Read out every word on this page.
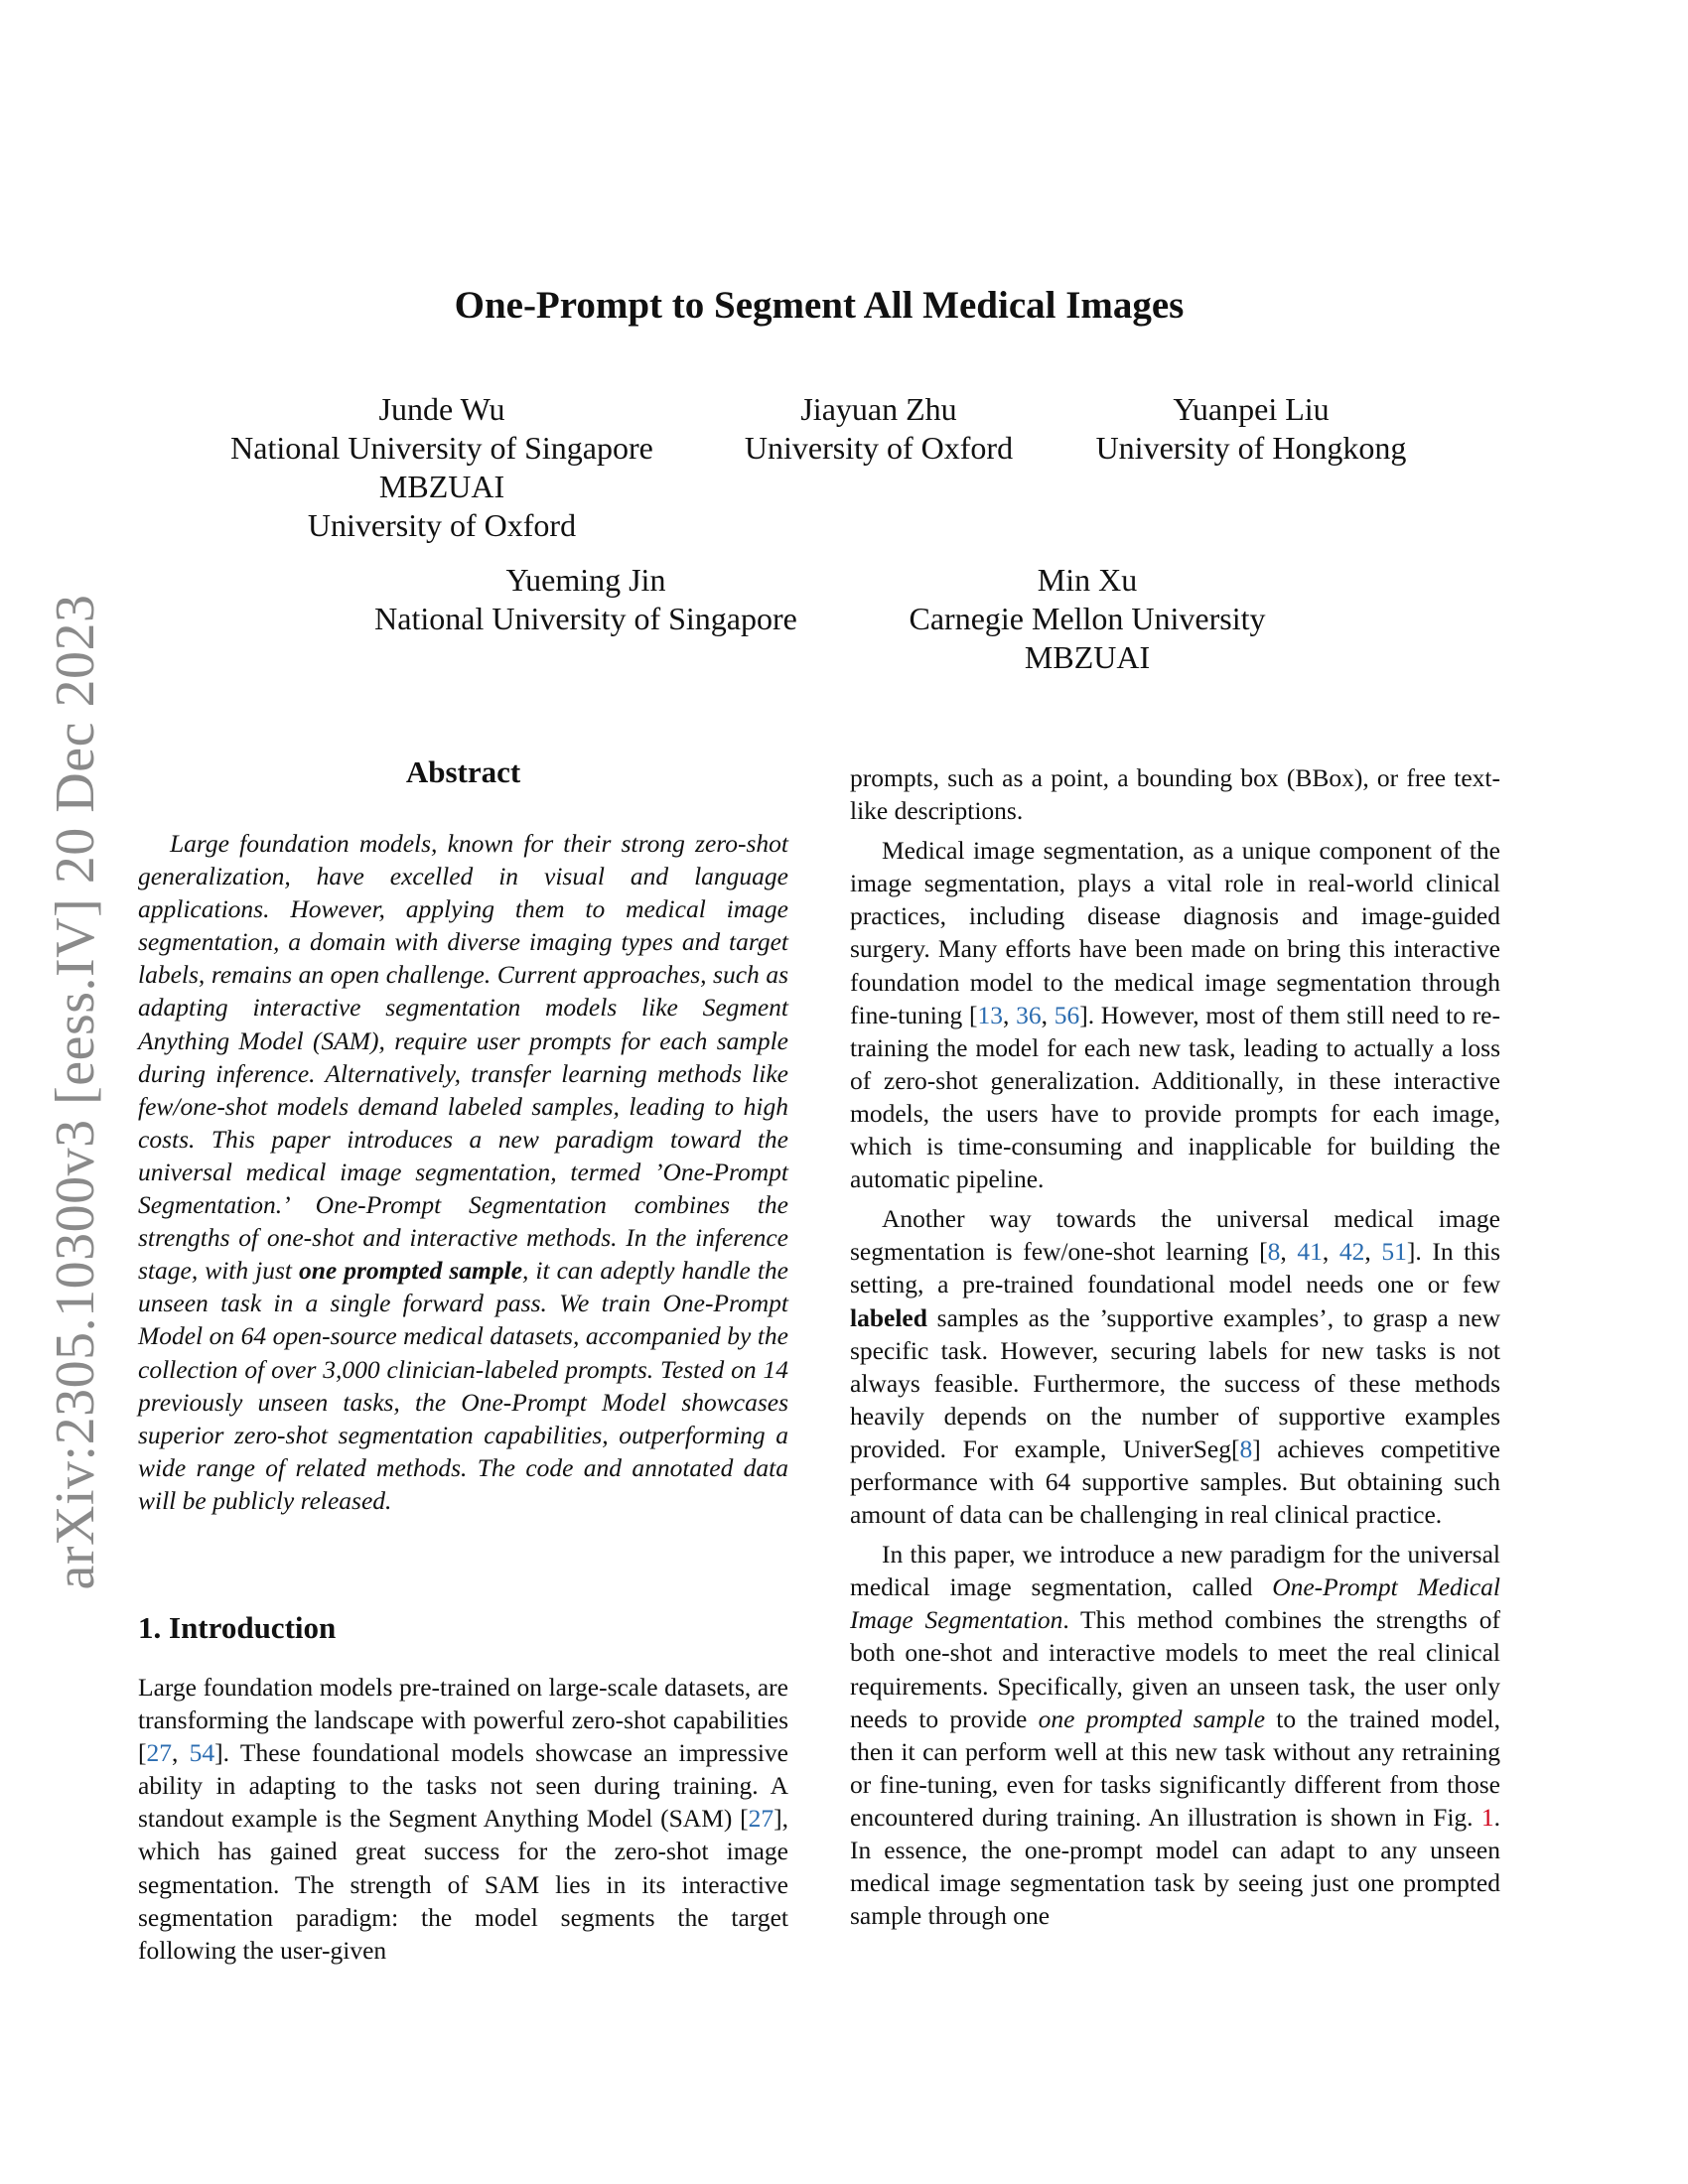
arXiv:2305.10300v3 [eess.IV] 20 Dec 2023
One-Prompt to Segment All Medical Images
Junde Wu
National University of Singapore
MBZUAI
University of Oxford
Jiayuan Zhu
University of Oxford
Yuanpei Liu
University of Hongkong
Yueming Jin
National University of Singapore
Min Xu
Carnegie Mellon University
MBZUAI
Abstract

Large foundation models, known for their strong zero-shot generalization, have excelled in visual and language applications. However, applying them to medical image segmentation, a domain with diverse imaging types and target labels, remains an open challenge. Current approaches, such as adapting interactive segmentation models like Segment Anything Model (SAM), require user prompts for each sample during inference. Alternatively, transfer learning methods like few/one-shot models demand labeled samples, leading to high costs. This paper introduces a new paradigm toward the universal medical image segmentation, termed ’One-Prompt Segmentation.’ One-Prompt Segmentation combines the strengths of one-shot and interactive methods. In the inference stage, with just one prompted sample, it can adeptly handle the unseen task in a single forward pass. We train One-Prompt Model on 64 open-source medical datasets, accompanied by the collection of over 3,000 clinician-labeled prompts. Tested on 14 previously unseen tasks, the One-Prompt Model showcases superior zero-shot segmentation capabilities, outperforming a wide range of related methods. The code and annotated data will be publicly released.

1. Introduction

Large foundation models pre-trained on large-scale datasets, are transforming the landscape with powerful zero-shot capabilities [27, 54]. These foundational models showcase an impressive ability in adapting to the tasks not seen during training. A standout example is the Segment Anything Model (SAM) [27], which has gained great success for the zero-shot image segmentation. The strength of SAM lies in its interactive segmentation paradigm: the model segments the target following the user-given

prompts, such as a point, a bounding box (BBox), or free text-like descriptions.

Medical image segmentation, as a unique component of the image segmentation, plays a vital role in real-world clinical practices, including disease diagnosis and image-guided surgery. Many efforts have been made on bring this interactive foundation model to the medical image segmentation through fine-tuning [13, 36, 56]. However, most of them still need to re-training the model for each new task, leading to actually a loss of zero-shot generalization. Additionally, in these interactive models, the users have to provide prompts for each image, which is time-consuming and inapplicable for building the automatic pipeline.

Another way towards the universal medical image segmentation is few/one-shot learning [8, 41, 42, 51]. In this setting, a pre-trained foundational model needs one or few labeled samples as the ’supportive examples’, to grasp a new specific task. However, securing labels for new tasks is not always feasible. Furthermore, the success of these methods heavily depends on the number of supportive examples provided. For example, UniverSeg[8] achieves competitive performance with 64 supportive samples. But obtaining such amount of data can be challenging in real clinical practice.

In this paper, we introduce a new paradigm for the universal medical image segmentation, called One-Prompt Medical Image Segmentation. This method combines the strengths of both one-shot and interactive models to meet the real clinical requirements. Specifically, given an unseen task, the user only needs to provide one prompted sample to the trained model, then it can perform well at this new task without any retraining or fine-tuning, even for tasks significantly different from those encountered during training. An illustration is shown in Fig. 1. In essence, the one-prompt model can adapt to any unseen medical image segmentation task by seeing just one prompted sample through one
